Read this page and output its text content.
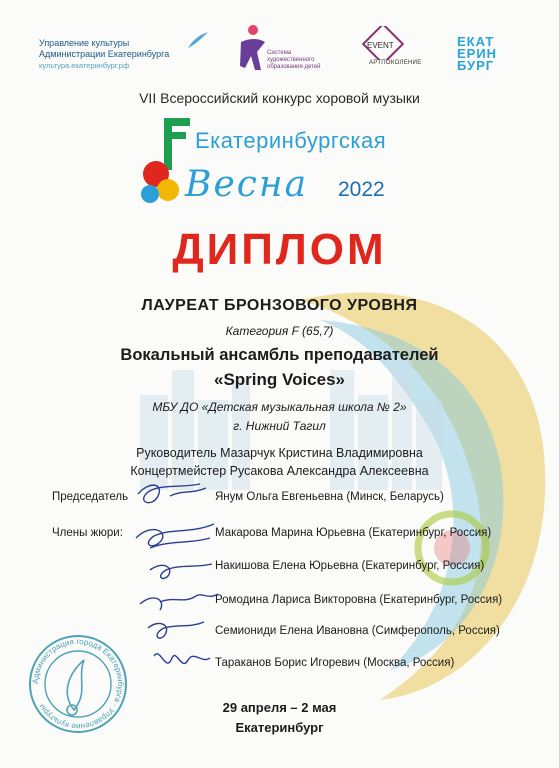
Управление культуры
Администрации Екатеринбурга
культура.екатеринбург.рф
Система
художественного
образования детей
EVENT
АРТПОКОЛЕНИЕ
ЕКАТ
ЕРИН
БУРГ
VII Всероссийский конкурс хоровой музыки
Екатеринбургская
Весна 2022
ДИПЛОМ
ЛАУРЕАТ БРОНЗОВОГО УРОВНЯ
Категория F (65,7)
Вокальный ансамбль преподавателей
«Spring Voices»
МБУ ДО «Детская музыкальная школа № 2»
г. Нижний Тагил
Руководитель Мазарчук Кристина Владимировна
Концертмейстер Русакова Александра Алексеевна
Председатель
Члены жюри:
Янум Ольга Евгеньевна (Минск, Беларусь)
Макарова Марина Юрьевна (Екатеринбург, Россия)
Накишова Елена Юрьевна (Екатеринбург, Россия)
Ромодина Лариса Викторовна (Екатеринбург, Россия)
Семиониди Елена Ивановна (Симферополь, Россия)
Тараканов Борис Игоревич (Москва, Россия)
Администрация города Екатеринбурга · Управление культуры	29 апреля – 2 мая
Екатеринбург
